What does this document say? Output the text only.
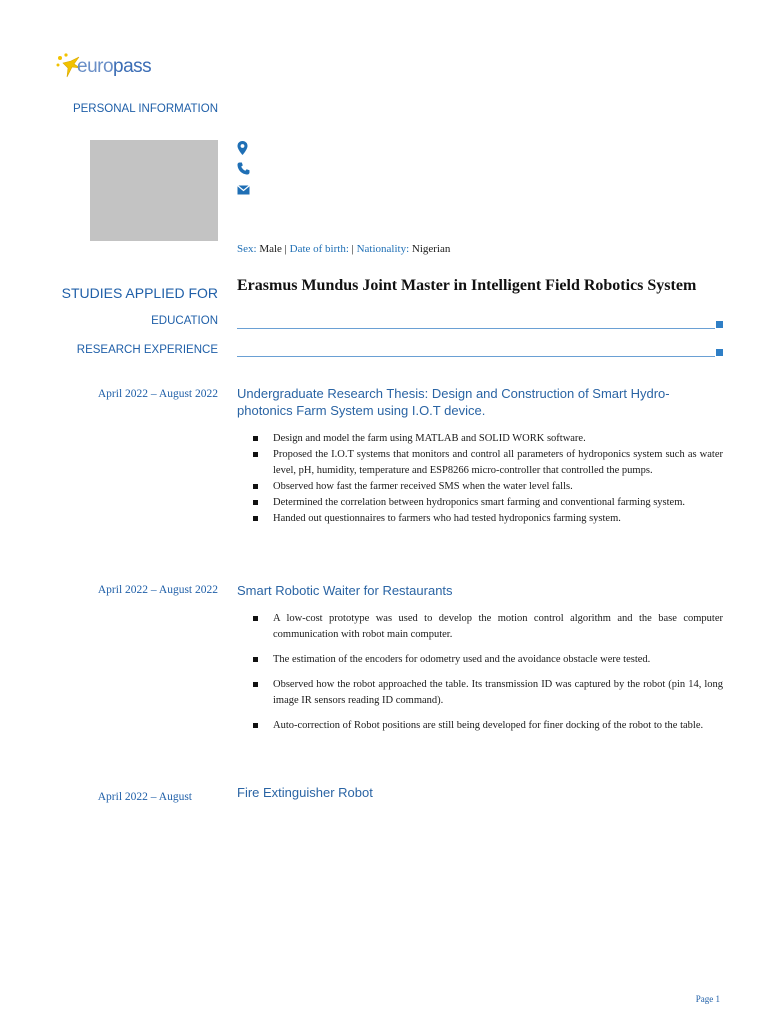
europass
PERSONAL INFORMATION
STUDIES APPLIED FOR
EDUCATION
RESEARCH EXPERIENCE
Sex: Male | Date of birth: | Nationality: Nigerian
Erasmus Mundus Joint Master in Intelligent Field Robotics System
April 2022 – August 2022 Undergraduate Research Thesis: Design and Construction of Smart Hydro-photonics Farm System using I.O.T device.
Design and model the farm using MATLAB and SOLID WORK software.
Proposed the I.O.T systems that monitors and control all parameters of hydroponics system such as water level, pH, humidity, temperature and ESP8266 micro-controller that controlled the pumps.
Observed how fast the farmer received SMS when the water level falls.
Determined the correlation between hydroponics smart farming and conventional farming system.
Handed out questionnaires to farmers who had tested hydroponics farming system.
April 2022 – August 2022 Smart Robotic Waiter for Restaurants
A low-cost prototype was used to develop the motion control algorithm and the base computer communication with robot main computer.
The estimation of the encoders for odometry used and the avoidance obstacle were tested.
Observed how the robot approached the table. Its transmission ID was captured by the robot (pin 14, long image IR sensors reading ID command).
Auto-correction of Robot positions are still being developed for finer docking of the robot to the table.
April 2022 – August	Fire Extinguisher Robot
Page 1
